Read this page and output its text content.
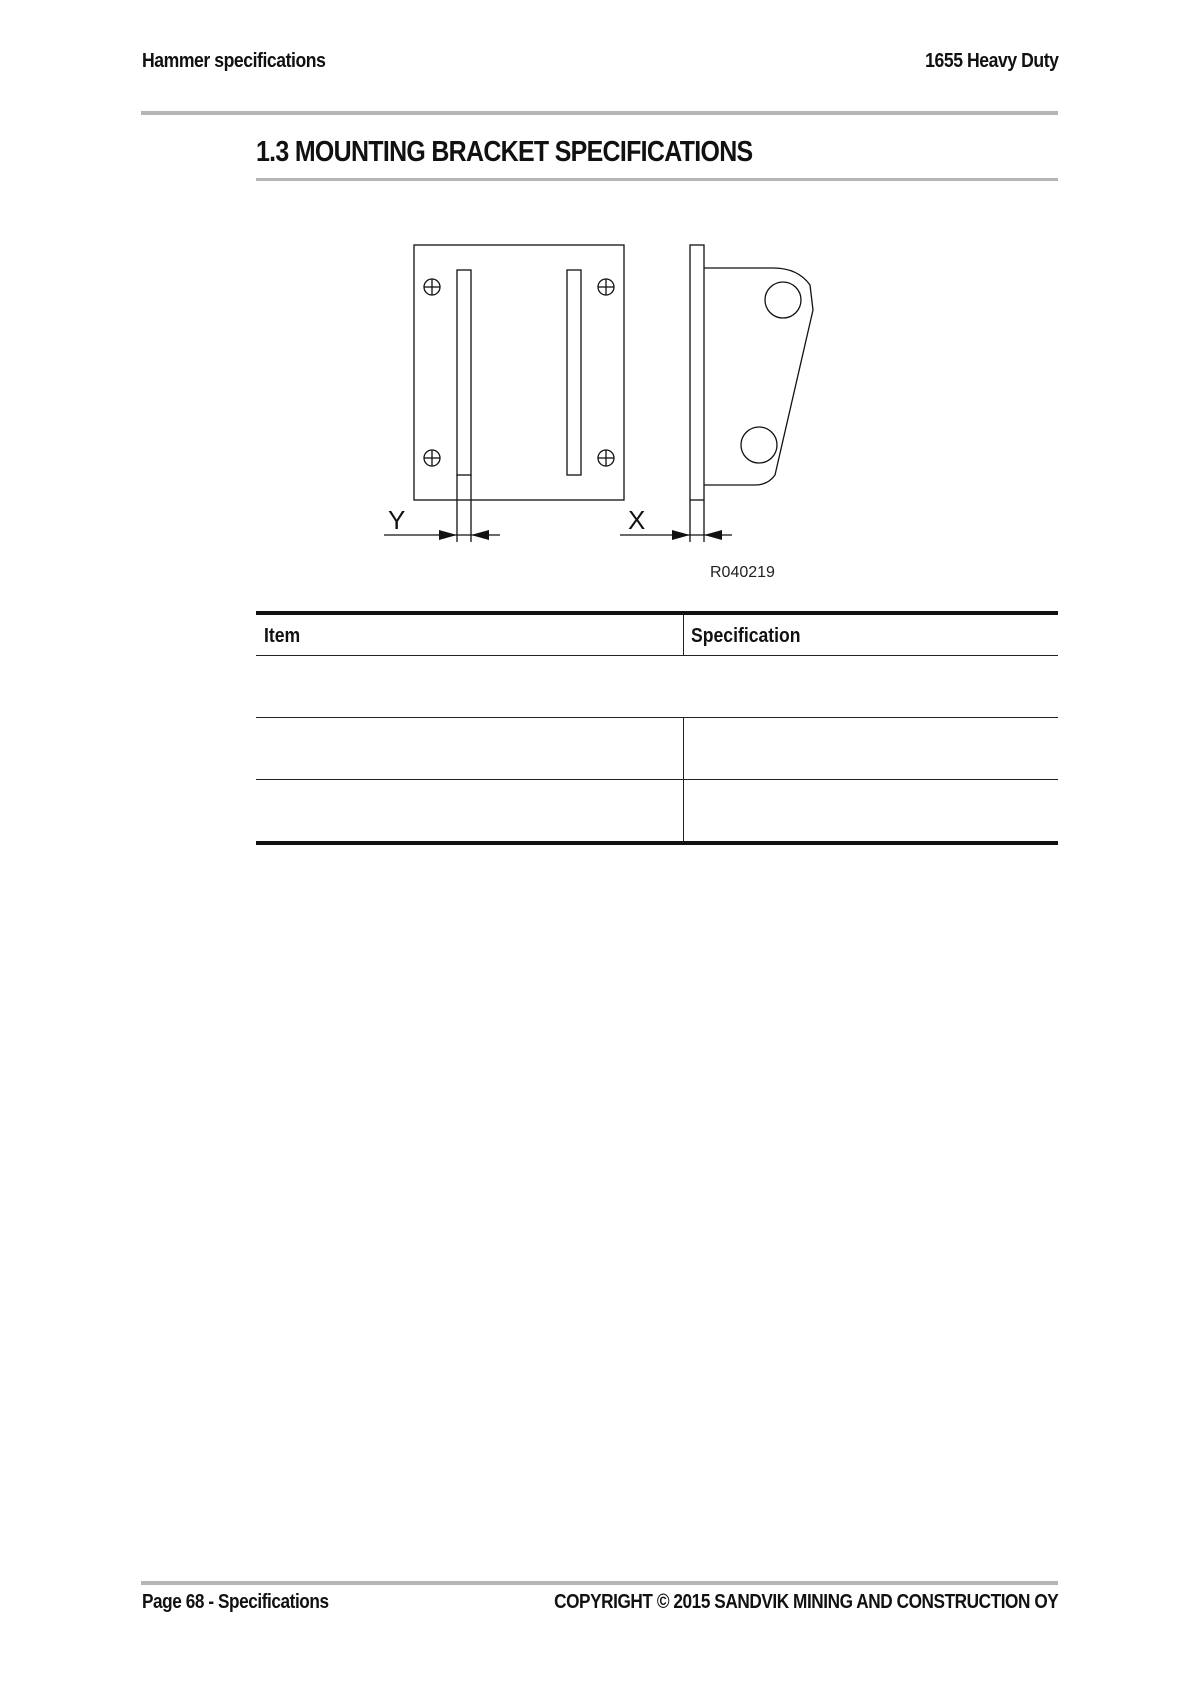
Hammer specifications	1655 Heavy Duty
1.3 MOUNTING BRACKET SPECIFICATIONS
Y	X
R040219
Item	Specification
Page 68 - Specifications	COPYRIGHT © 2015 SANDVIK MINING AND CONSTRUCTION OY
